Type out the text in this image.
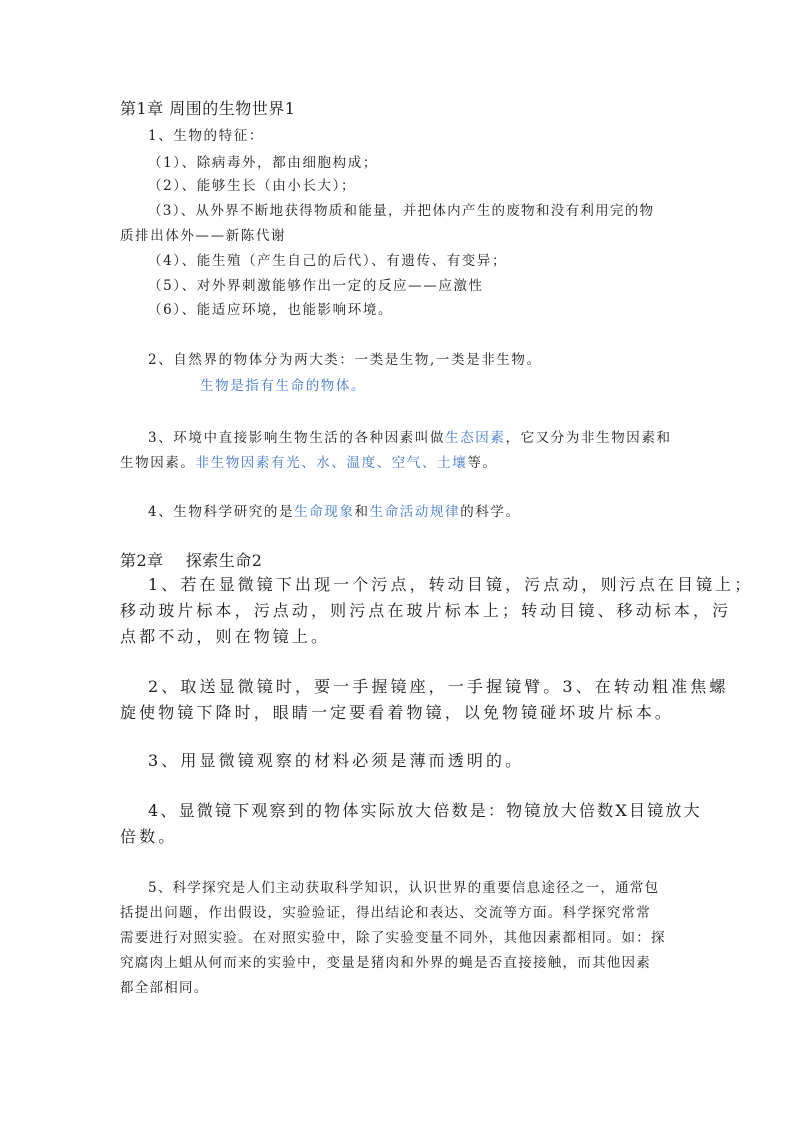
第1章 周围的生物世界1

1、生物的特征：

（1）、除病毒外，都由细胞构成；

（2）、能够生长（由小长大）；

（3）、从外界不断地获得物质和能量，并把体内产生的废物和没有利用完的物

质排出体外——新陈代谢

（4）、能生殖（产生自己的后代）、有遗传、有变异；

（5）、对外界刺激能够作出一定的反应——应激性

（6）、能适应环境，也能影响环境。

2、自然界的物体分为两大类：一类是生物,一类是非生物。

生物是指有生命的物体。

3、环境中直接影响生物生活的各种因素叫做生态因素，它又分为非生物因素和

生物因素。非生物因素有光、水、温度、空气、土壤等。

4、生物科学研究的是生命现象和生命活动规律的科学。

第2章　 探索生命2

1、若在显微镜下出现一个污点，转动目镜，污点动，则污点在目镜上；

移动玻片标本，污点动，则污点在玻片标本上；转动目镜、移动标本，污

点都不动，则在物镜上。

2、取送显微镜时，要一手握镜座，一手握镜臂。3、在转动粗准焦螺

旋使物镜下降时，眼睛一定要看着物镜，以免物镜碰坏玻片标本。

3、用显微镜观察的材料必须是薄而透明的。

4、显微镜下观察到的物体实际放大倍数是：物镜放大倍数X目镜放大

倍数。

5、科学探究是人们主动获取科学知识，认识世界的重要信息途径之一，通常包

括提出问题，作出假设，实验验证，得出结论和表达、交流等方面。科学探究常常

需要进行对照实验。在对照实验中，除了实验变量不同外，其他因素都相同。如：探

究腐肉上蛆从何而来的实验中，变量是猪肉和外界的蝇是否直接接触，而其他因素

都全部相同。
